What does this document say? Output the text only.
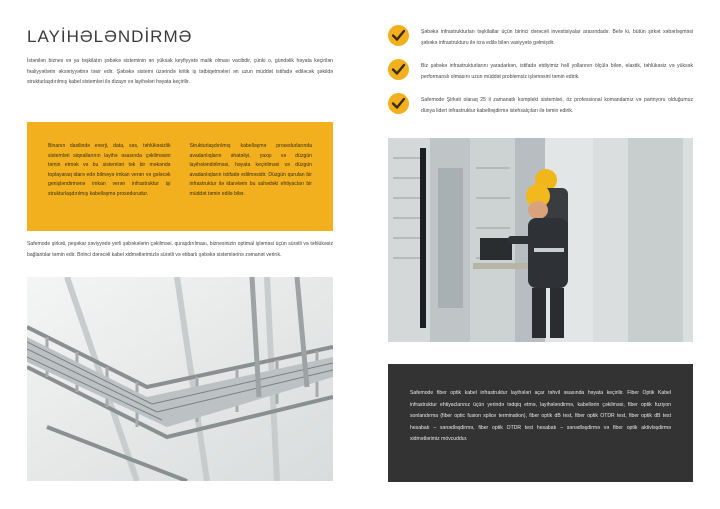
LAYİHƏLƏNDİRMƏ

İstənilən biznes və ya təşkilatın şəbəkə sisteminin ən yüksək keyfiyyətə malik olması vacibdir, çünki o, gündəlik həyata keçirilən fəaliyyətlərin əksəriyyətinə təsir edir. Şəbəkə sistemi üzərində kritik iş tətbiqetmələri ən uzun müddət istifadə ediləcək şəkildə strukturlaşdırılmış kabel sistemləri ilə dizayn və layihələri həyata keçirilir.

Binanın daxilində enerji, data, səs, təhlükəsizlik sistemləri siqnallarının layihə əsasında çəkilməsini təmin etmək və bu sistemləri tək bir məkəndə toplayaraq idarə edə bilməyə imkan verən və gələcək genişləndirmənə imkan verən infrastruktur işi strukturlaşdırılmış kabelləşmə prosedurudur.

Strukturlaşdırılmış kabelləşmə prosedurlarında avadanlıqların əhatəliyi, yaxşı və düzgün layihələndirilməsi, həyata keçirilməsi və düzgün avadanlıqların istifadə edilməsidir. Düzgün qurulan bir infrastruktur ilə idarələrin bu sahədəki ehtiyacları bir müddət təmin edilə bilər.

Safemode şirkəti, peşəkar səviyyədə yerli şəbəkələrin çəkilməsi, quraşdırılması, biznesinizin optimal işləməsi üçün sürətli və təhlükəsiz bağlantılar təmin edir. Birinci dərəcəli kabel xidmətlərimizlə sürətli və etibarlı şəbəkə sistemlərinə zəmanət verirık.

Şəbəkə infrastrukturları təşkilatlar üçün birinci dərəcəli investisiyalar arasındadır. Belə ki, bütün şirkət xəbərləşməsi şəbəkə infrastrukturu ilə icra edilə bilən vasiyyətə gəlmişdir.

Biz şəbəkə infrastrukturlarını yaradarkən, istifadə etdiyimiz həll yollarının ölçülə bilən, elastik, təhlükəsiz və yüksək performanslı olmasını uzun müddət problemsiz işləməsini təmin edirik.

Safemode Şirkəti olaraq 25 il zamanatlı komplekt sistemləri, öz professional komandamız və partnyoru olduğumuz dünya lideri infrastruktur kabelləşdirmə istehsalçıları ilə təmin edirik.

Safemode fiber optik kabel infrastruktur layihələri açar təhvil əsasında həyata keçirilir. Fiber Optik Kabel infrastruktur ehtiyaclarınız üçün yerində tədqiq etmə, layihələndirmə, kabellərin çəkilməsi, fiber optik fuziyon sonlandırma (fiber optic fusion splice termination), fiber optik dB test, fiber optik OTDR test, fiber optik dB test hesabatı – sənədləşdirmə, fiber optik OTDR test hesabatı – sənədləşdirmə və fiber optik aktivləşdirmə xidmətlərimiz mövcuddur.
